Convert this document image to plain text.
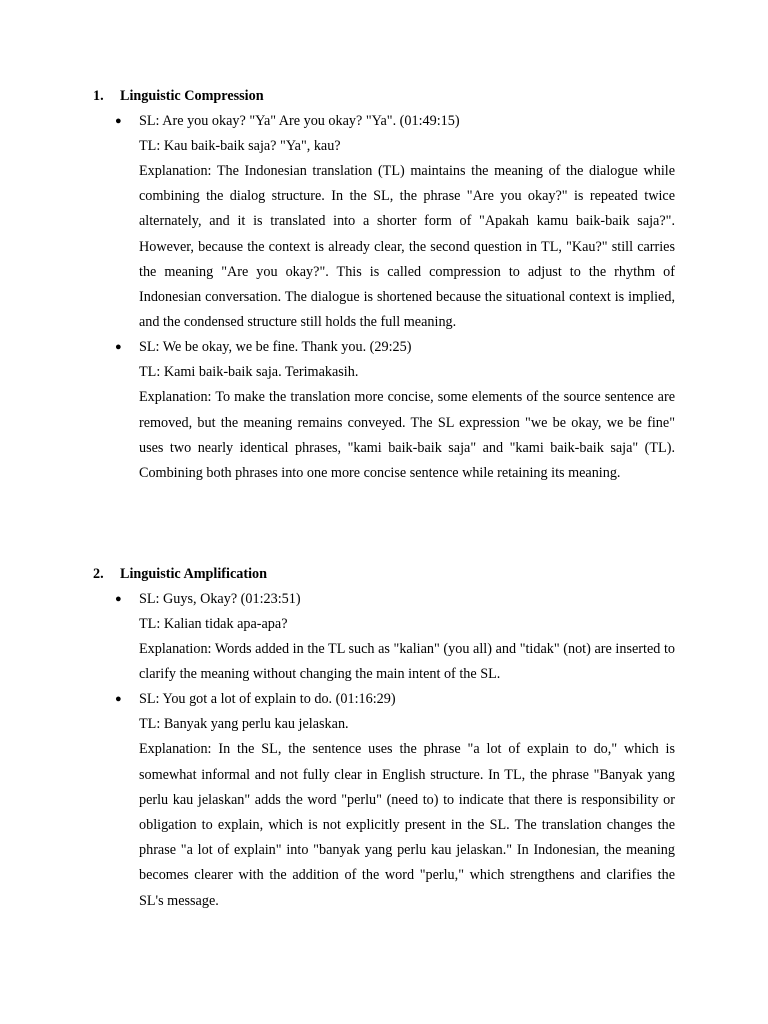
1.	Linguistic Compression
● SL: Are you okay? "Ya" Are you okay? "Ya". (01:49:15)
TL: Kau baik-baik saja? "Ya", kau?
Explanation: The Indonesian translation (TL) maintains the meaning of the dialogue while combining the dialog structure. In the SL, the phrase "Are you okay?" is repeated twice alternately, and it is translated into a shorter form of "Apakah kamu baik-baik saja?". However, because the context is already clear, the second question in TL, "Kau?" still carries the meaning "Are you okay?". This is called compression to adjust to the rhythm of Indonesian conversation. The dialogue is shortened because the situational context is implied, and the condensed structure still holds the full meaning.
● SL: We be okay, we be fine. Thank you. (29:25)
TL: Kami baik-baik saja. Terimakasih.
Explanation: To make the translation more concise, some elements of the source sentence are removed, but the meaning remains conveyed. The SL expression "we be okay, we be fine" uses two nearly identical phrases, "kami baik-baik saja" and "kami baik-baik saja" (TL). Combining both phrases into one more concise sentence while retaining its meaning.
2.	Linguistic Amplification
● SL: Guys, Okay? (01:23:51)
TL: Kalian tidak apa-apa?
Explanation: Words added in the TL such as "kalian" (you all) and "tidak" (not) are inserted to clarify the meaning without changing the main intent of the SL.
● SL: You got a lot of explain to do. (01:16:29)
TL: Banyak yang perlu kau jelaskan.
Explanation: In the SL, the sentence uses the phrase "a lot of explain to do," which is somewhat informal and not fully clear in English structure. In TL, the phrase "Banyak yang perlu kau jelaskan" adds the word "perlu" (need to) to indicate that there is responsibility or obligation to explain, which is not explicitly present in the SL. The translation changes the phrase "a lot of explain" into "banyak yang perlu kau jelaskan." In Indonesian, the meaning becomes clearer with the addition of the word "perlu," which strengthens and clarifies the SL's message.
